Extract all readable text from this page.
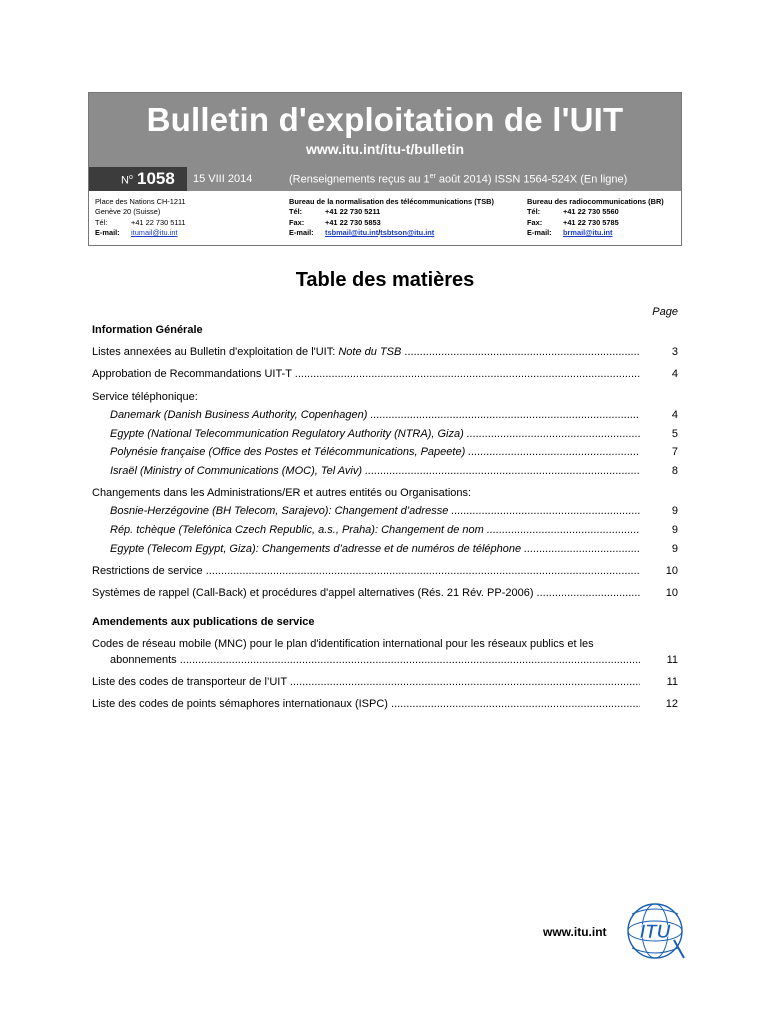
Bulletin d'exploitation de l'UIT
www.itu.int/itu-t/bulletin
$N^o$ 1058 15 VIII 2014	(Renseignements reçus au 1er août 2014) ISSN 1564-524X (En ligne)
Place des Nations CH-1211
Genève 20 (Suisse)
Tél:	+41 22 730 5111
E-mail:	itumail@itu.int
Bureau de la normalisation des télécommunications (TSB)
Tél:	+41 22 730 5211
Fax:	+41 22 730 5853
E-mail:	tsbmail@itu.int / tsbtson@itu.int
Bureau des radiocommunications (BR)
Tél:	+41 22 730 5560
Fax:	+41 22 730 5785
E-mail:	brmail@itu.int
Table des matières
Page
Information Générale
Listes annexées au Bulletin d'exploitation de l'UIT: Note du TSB .....	3
Approbation de Recommandations UIT-T .....	4
Service téléphonique:
Danemark (Danish Business Authority, Copenhagen) .....	4
Egypte (National Telecommunication Regulatory Authority (NTRA), Giza) .....	5
Polynésie française (Office des Postes et Télécommunications, Papeete) .....	7
Israël (Ministry of Communications (MOC), Tel Aviv) .....	8
Changements dans les Administrations/ER et autres entités ou Organisations:
Bosnie-Herzégovine (BH Telecom, Sarajevo): Changement d’adresse .....	9
Rép. tchèque (Telefónica Czech Republic, a.s., Praha): Changement de nom .....	9
Egypte (Telecom Egypt, Giza): Changements d’adresse et de numéros de téléphone .....	9
Restrictions de service .....	10
Systèmes de rappel (Call-Back) et procédures d'appel alternatives (Rés. 21 Rév. PP-2006) .....	10
Amendements aux publications de service
Codes de réseau mobile (MNC) pour le plan d'identification international pour les réseaux publics et les
abonnements .....	11
Liste des codes de transporteur de l’UIT .....	11
Liste des codes de points sémaphores internationaux (ISPC) .....	12
www.itu.int ITU
